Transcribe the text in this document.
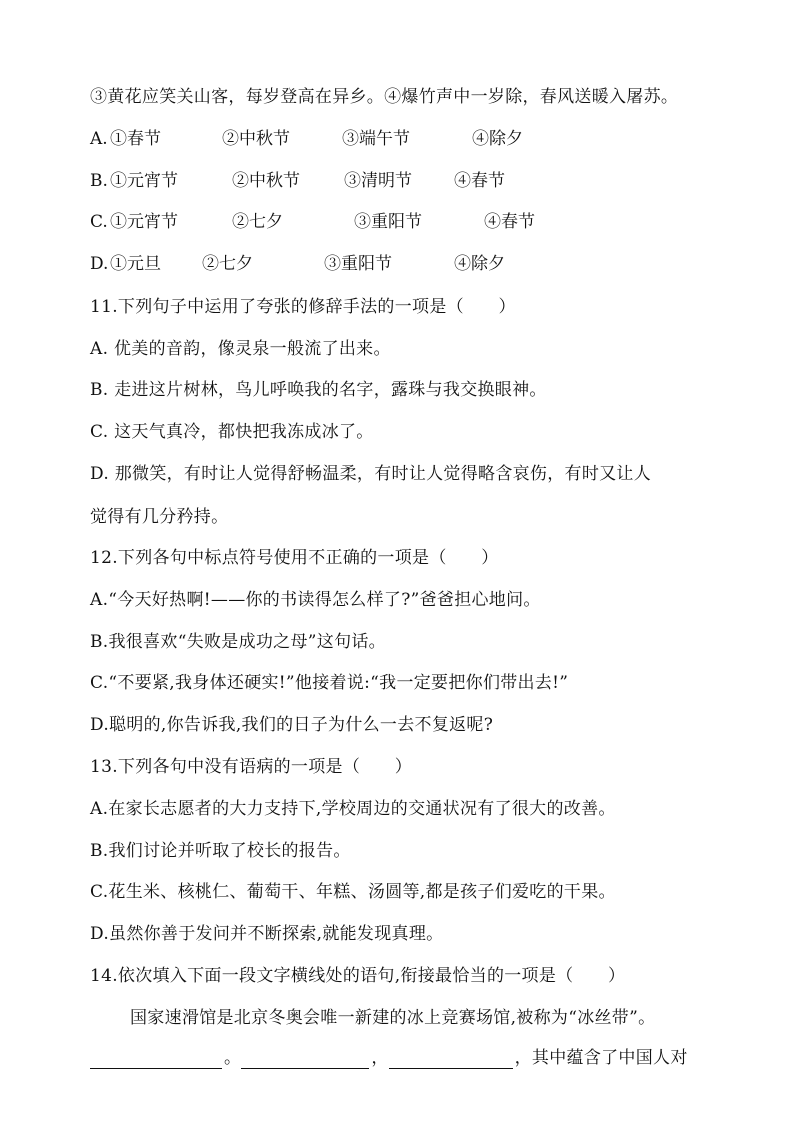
③黄花应笑关山客，每岁登高在异乡。④爆竹声中一岁除，春风送暖入屠苏。
A. ①春节	②中秋节	③端午节	④除夕
B. ①元宵节	②中秋节	③清明节 ④春节
C. ①元宵节	②七夕	③重阳节	④春节
D.①元旦 ②七夕	③重阳节	④除夕
11.下列句子中运用了夸张的修辞手法的一项是（　　）
A. 优美的音韵，像灵泉一般流了出来。
B. 走进这片树林，鸟儿呼唤我的名字，露珠与我交换眼神。
C. 这天气真冷，都快把我冻成冰了。
D. 那微笑，有时让人觉得舒畅温柔，有时让人觉得略含哀伤，有时又让人
觉得有几分矜持。
12.下列各句中标点符号使用不正确的一项是（　　）
A.“今天好热啊!——你的书读得怎么样了?”爸爸担心地问。
B.我很喜欢“失败是成功之母”这句话。
C.“不要紧,我身体还硬实!”他接着说:“我一定要把你们带出去!”
D.聪明的,你告诉我,我们的日子为什么一去不复返呢?
13.下列各句中没有语病的一项是（　　）
A.在家长志愿者的大力支持下,学校周边的交通状况有了很大的改善。
B.我们讨论并听取了校长的报告。
C.花生米、核桃仁、葡萄干、年糕、汤圆等,都是孩子们爱吃的干果。
D.虽然你善于发问并不断探索,就能发现真理。
14.依次填入下面一段文字横线处的语句,衔接最恰当的一项是（　　）
国家速滑馆是北京冬奥会唯一新建的冰上竞赛场馆,被称为“冰丝带”。
。	，	，其中蕴含了中国人对
